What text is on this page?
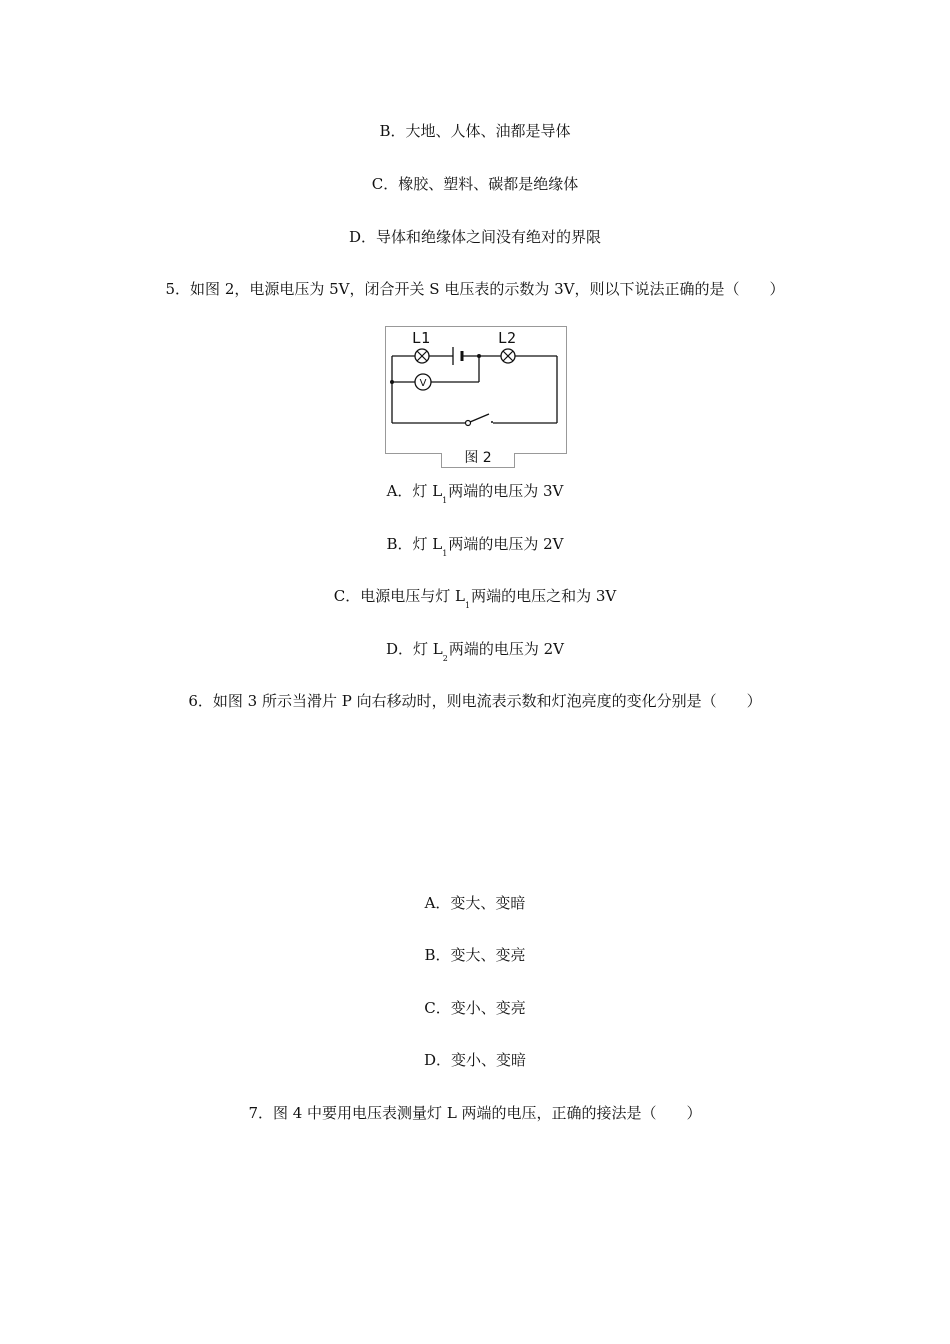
B．大地、人体、油都是导体
C．橡胶、塑料、碳都是绝缘体
D．导体和绝缘体之间没有绝对的界限
5．如图 2，电源电压为 5V，闭合开关 S 电压表的示数为 3V，则以下说法正确的是（　　）
V
L1	L2
图 2
A．灯 $L_1$两端的电压为 3V
B．灯 $L_1$两端的电压为 2V
C．电源电压与灯 $L_1$两端的电压之和为 3V
D．灯 $L_2$两端的电压为 2V
6．如图 3 所示当滑片 P 向右移动时，则电流表示数和灯泡亮度的变化分别是（　　）
A．变大、变暗
B．变大、变亮
C．变小、变亮
D．变小、变暗
7．图 4 中要用电压表测量灯 L 两端的电压，正确的接法是（　　）
